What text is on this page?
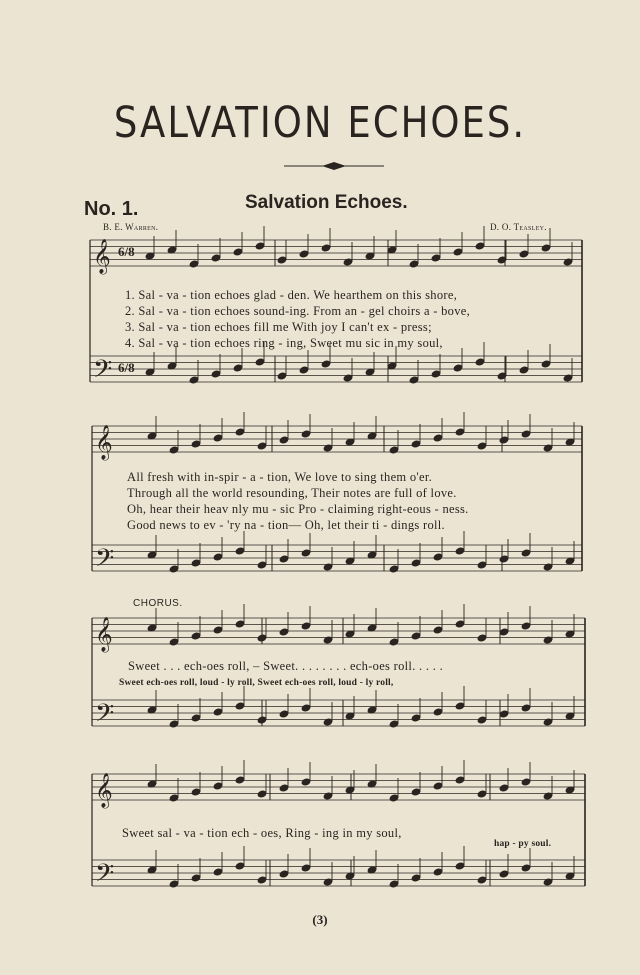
SALVATION ECHOES.
No. 1.	Salvation Echoes.
B. E. Warren.	D. O. Teasley.
𝄞
𝄢
𝄞
𝄢
𝄞
𝄢
𝄞
𝄢
6/8
6/8
1. Sal - va - tion echoes glad - den. We hearthem on this shore,
2. Sal - va - tion echoes sound-ing. From an - gel choirs a - bove,
3. Sal - va - tion echoes fill me With joy I can't ex - press;
4. Sal - va - tion echoes ring - ing, Sweet mu sic in my soul,
All fresh with in-spir - a - tion, We love to sing them o'er.
Through all the world resounding, Their notes are full of love.
Oh, hear their heav nly mu - sic Pro - claiming right-eous - ness.
Good news to ev - 'ry na - tion— Oh, let their ti - dings roll.
CHORUS.
Sweet . . . ech-oes roll, – Sweet. . . . . . . . ech-oes roll. . . . .
Sweet ech-oes roll, loud - ly roll, Sweet ech-oes roll, loud - ly roll,
Sweet sal - va - tion ech - oes, Ring - ing in my soul,
hap - py soul.
(3)
